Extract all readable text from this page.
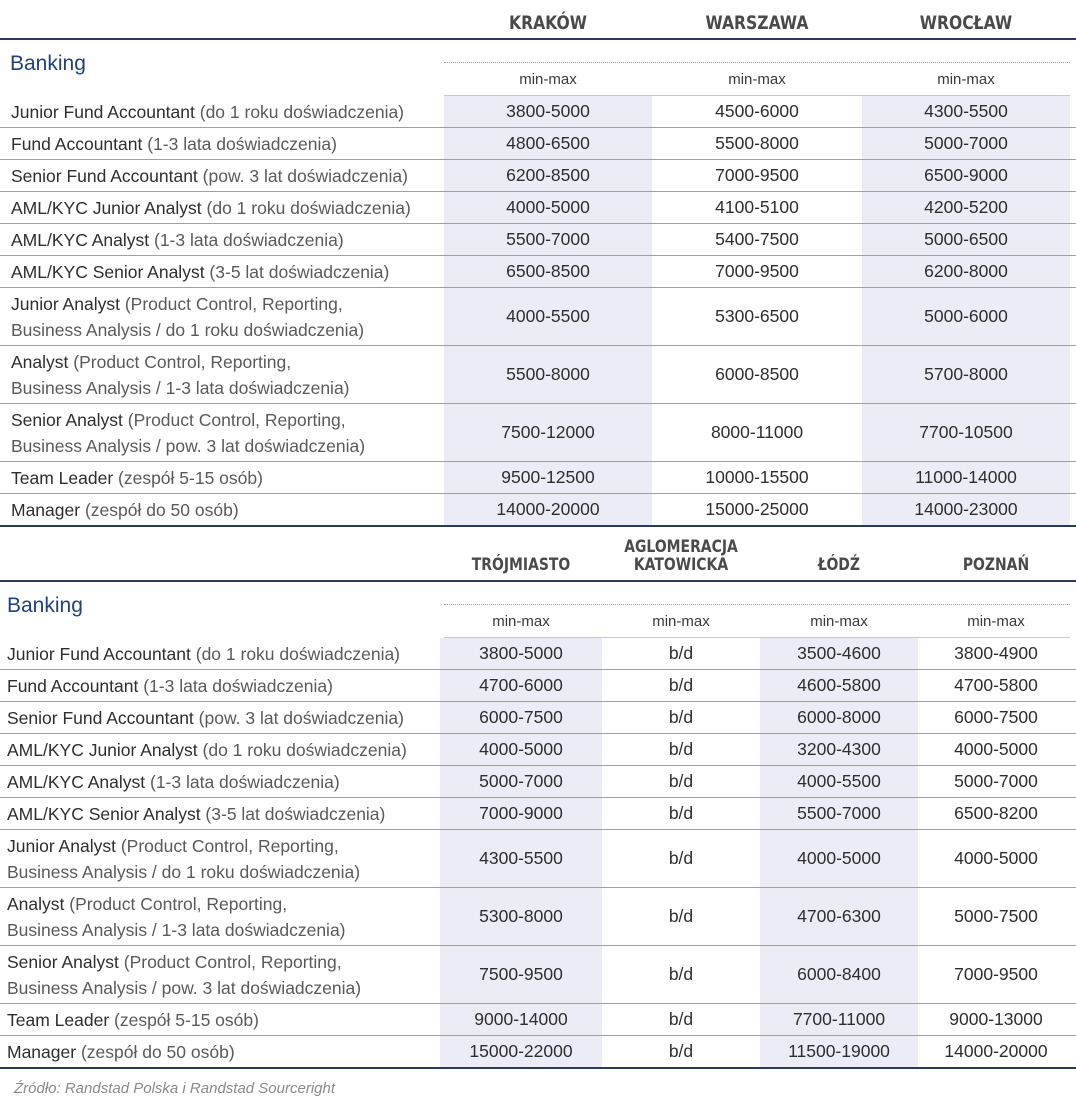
KRAKÓW	WARSZAWA	WROCŁAW
Banking
min-max	min-max	min-max
Junior Fund Accountant (do 1 roku doświadczenia)	3800-5000	4500-6000	4300-5500
Fund Accountant (1-3 lata doświadczenia)	4800-6500	5500-8000	5000-7000
Senior Fund Accountant (pow. 3 lat doświadczenia)	6200-8500	7000-9500	6500-9000
AML/KYC Junior Analyst (do 1 roku doświadczenia)	4000-5000	4100-5100	4200-5200
AML/KYC Analyst (1-3 lata doświadczenia)	5500-7000	5400-7500	5000-6500
AML/KYC Senior Analyst (3-5 lat doświadczenia)	6500-8500	7000-9500	6200-8000
Junior Analyst (Product Control, Reporting,
Business Analysis / do 1 roku doświadczenia)
4000-5500	5300-6500	5000-6000
Analyst (Product Control, Reporting,
Business Analysis / 1-3 lata doświadczenia)
5500-8000	6000-8500	5700-8000
Senior Analyst (Product Control, Reporting,
Business Analysis / pow. 3 lat doświadczenia)
7500-12000	8000-11000	7700-10500
Team Leader (zespół 5-15 osób)	9500-12500	10000-15500	11000-14000
Manager (zespół do 50 osób)	14000-20000	15000-25000	14000-23000
TRÓJMIASTO
AGLOMERACJA
KATOWICKA	ŁÓDŹ	POZNAŃ
Banking
min-max	min-max	min-max	min-max
Junior Fund Accountant (do 1 roku doświadczenia)	3800-5000	b/d	3500-4600	3800-4900
Fund Accountant (1-3 lata doświadczenia)	4700-6000	b/d	4600-5800	4700-5800
Senior Fund Accountant (pow. 3 lat doświadczenia)	6000-7500	b/d	6000-8000	6000-7500
AML/KYC Junior Analyst (do 1 roku doświadczenia)	4000-5000	b/d	3200-4300	4000-5000
AML/KYC Analyst (1-3 lata doświadczenia)	5000-7000	b/d	4000-5500	5000-7000
AML/KYC Senior Analyst (3-5 lat doświadczenia)	7000-9000	b/d	5500-7000	6500-8200
Junior Analyst (Product Control, Reporting,
Business Analysis / do 1 roku doświadczenia)
4300-5500	b/d	4000-5000	4000-5000
Analyst (Product Control, Reporting,
Business Analysis / 1-3 lata doświadczenia)
5300-8000	b/d	4700-6300	5000-7500
Senior Analyst (Product Control, Reporting,
Business Analysis / pow. 3 lat doświadczenia)
7500-9500	b/d	6000-8400	7000-9500
Team Leader (zespół 5-15 osób)	9000-14000	b/d	7700-11000	9000-13000
Manager (zespół do 50 osób)	15000-22000	b/d	11500-19000	14000-20000
Źródło: Randstad Polska i Randstad Sourceright
